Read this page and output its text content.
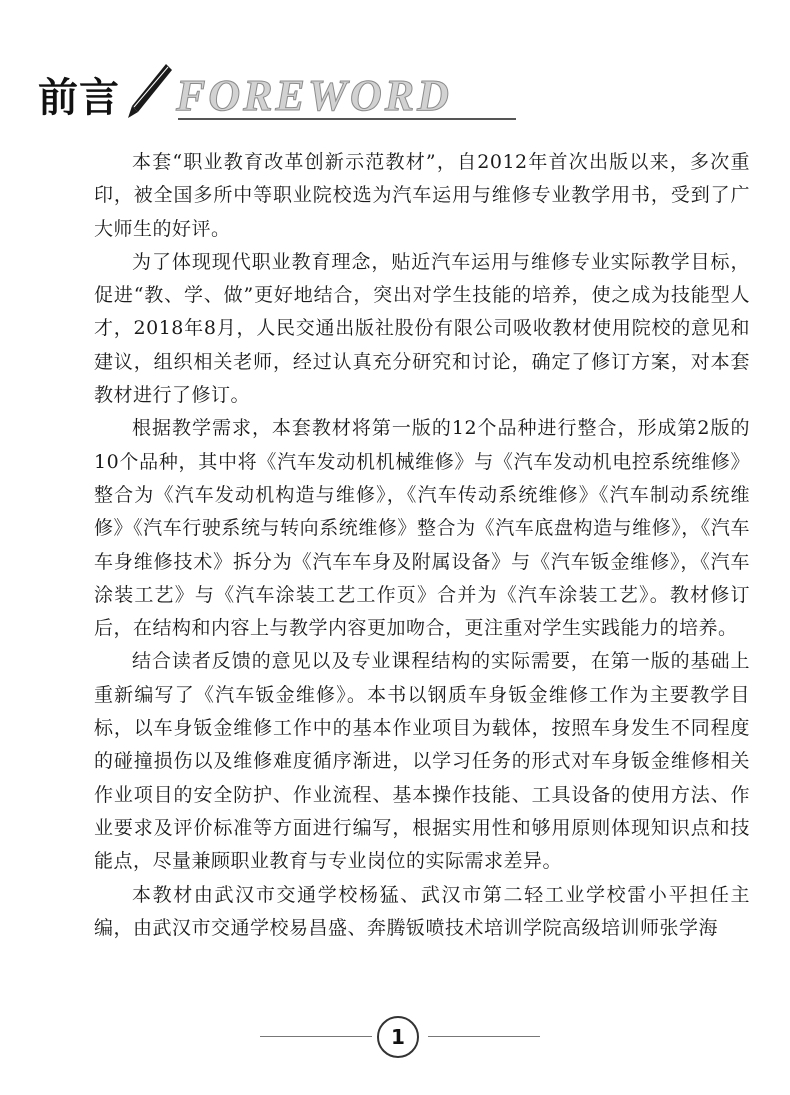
前言 FOREWORD

本套“职业教育改革创新示范教材”，自2012年首次出版以来，多次重印，被全国多所中等职业院校选为汽车运用与维修专业教学用书，受到了广大师生的好评。

为了体现现代职业教育理念，贴近汽车运用与维修专业实际教学目标，促进“教、学、做”更好地结合，突出对学生技能的培养，使之成为技能型人才，2018年8月，人民交通出版社股份有限公司吸收教材使用院校的意见和建议，组织相关老师，经过认真充分研究和讨论，确定了修订方案，对本套教材进行了修订。

根据教学需求，本套教材将第一版的12个品种进行整合，形成第2版的10个品种，其中将《汽车发动机机械维修》与《汽车发动机电控系统维修》整合为《汽车发动机构造与维修》，《汽车传动系统维修》《汽车制动系统维修》《汽车行驶系统与转向系统维修》整合为《汽车底盘构造与维修》，《汽车车身维修技术》拆分为《汽车车身及附属设备》与《汽车钣金维修》，《汽车涂装工艺》与《汽车涂装工艺工作页》合并为《汽车涂装工艺》。教材修订后，在结构和内容上与教学内容更加吻合，更注重对学生实践能力的培养。

结合读者反馈的意见以及专业课程结构的实际需要，在第一版的基础上重新编写了《汽车钣金维修》。本书以钢质车身钣金维修工作为主要教学目标，以车身钣金维修工作中的基本作业项目为载体，按照车身发生不同程度的碰撞损伤以及维修难度循序渐进，以学习任务的形式对车身钣金维修相关作业项目的安全防护、作业流程、基本操作技能、工具设备的使用方法、作业要求及评价标准等方面进行编写，根据实用性和够用原则体现知识点和技能点，尽量兼顾职业教育与专业岗位的实际需求差异。

本教材由武汉市交通学校杨猛、武汉市第二轻工业学校雷小平担任主编，由武汉市交通学校易昌盛、奔腾钣喷技术培训学院高级培训师张学海

1
